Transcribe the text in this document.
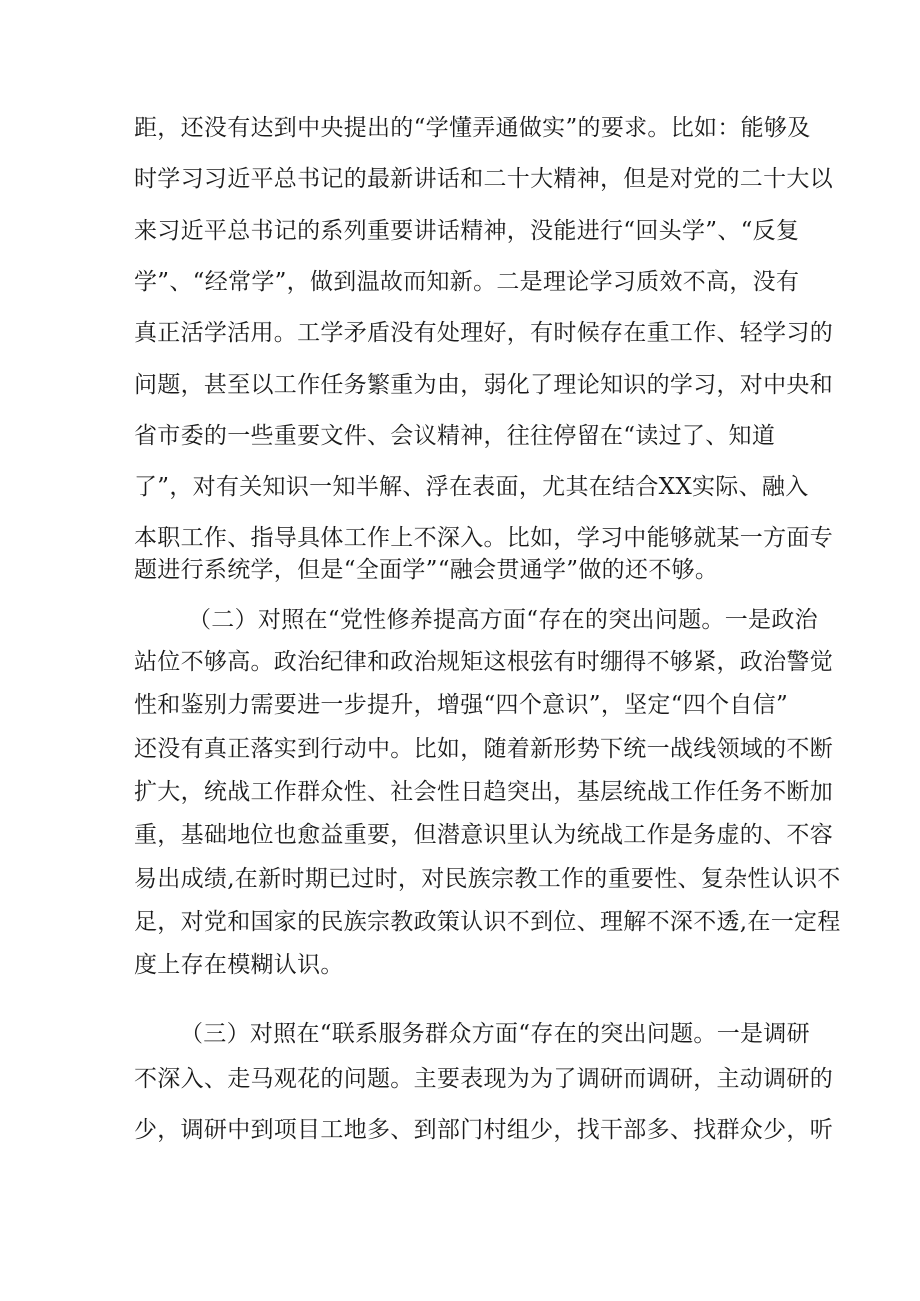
距，还没有达到中央提出的“学懂弄通做实”的要求。比如：能够及
时学习习近平总书记的最新讲话和二十大精神，但是对党的二十大以
来习近平总书记的系列重要讲话精神，没能进行“回头学”、“反复
学”、“经常学”，做到温故而知新。二是理论学习质效不高，没有
真正活学活用。工学矛盾没有处理好，有时候存在重工作、轻学习的
问题，甚至以工作任务繁重为由，弱化了理论知识的学习，对中央和
省市委的一些重要文件、会议精神，往往停留在“读过了、知道
了”，对有关知识一知半解、浮在表面，尤其在结合XX实际、融入
本职工作、指导具体工作上不深入。比如，学习中能够就某一方面专
题进行系统学，但是“全面学”“融会贯通学”做的还不够。
（二）对照在“党性修养提高方面“存在的突出问题。一是政治
站位不够高。政治纪律和政治规矩这根弦有时绷得不够紧，政治警觉
性和鉴别力需要进一步提升，增强“四个意识”，坚定“四个自信”
还没有真正落实到行动中。比如，随着新形势下统一战线领域的不断
扩大，统战工作群众性、社会性日趋突出，基层统战工作任务不断加
重，基础地位也愈益重要，但潜意识里认为统战工作是务虚的、不容
易出成绩,在新时期已过时，对民族宗教工作的重要性、复杂性认识不
足，对党和国家的民族宗教政策认识不到位、理解不深不透,在一定程
度上存在模糊认识。
（三）对照在“联系服务群众方面“存在的突出问题。一是调研
不深入、走马观花的问题。主要表现为为了调研而调研，主动调研的
少，调研中到项目工地多、到部门村组少，找干部多、找群众少，听
